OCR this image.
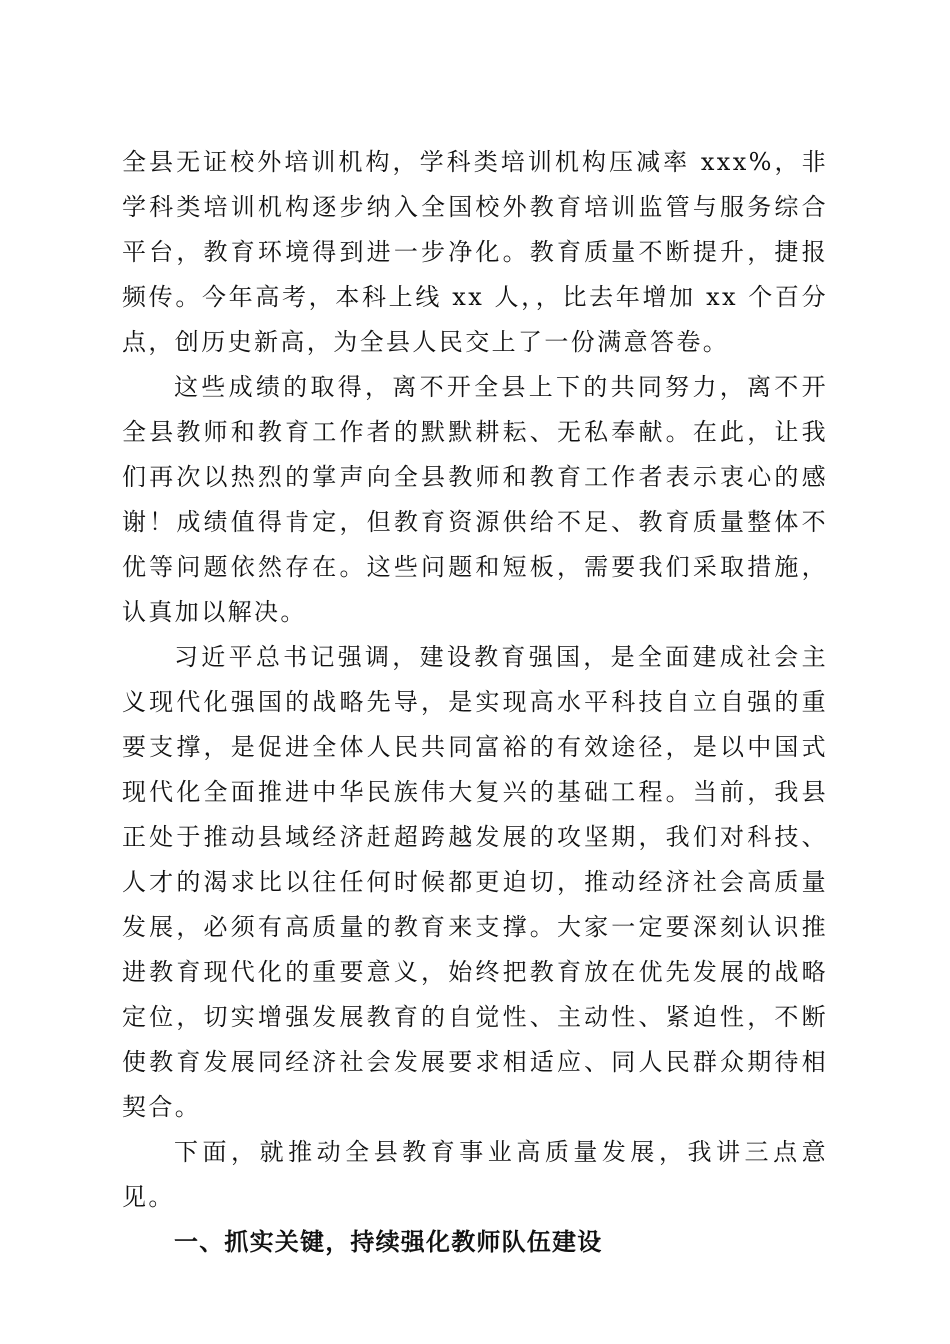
全县无证校外培训机构，学科类培训机构压减率 xxx%，非学科类培训机构逐步纳入全国校外教育培训监管与服务综合平台，教育环境得到进一步净化。教育质量不断提升，捷报频传。今年高考，本科上线 xx 人，，比去年增加 xx 个百分点，创历史新高，为全县人民交上了一份满意答卷。

这些成绩的取得，离不开全县上下的共同努力，离不开全县教师和教育工作者的默默耕耘、无私奉献。在此，让我们再次以热烈的掌声向全县教师和教育工作者表示衷心的感谢！成绩值得肯定，但教育资源供给不足、教育质量整体不优等问题依然存在。这些问题和短板，需要我们采取措施，认真加以解决。

习近平总书记强调，建设教育强国，是全面建成社会主义现代化强国的战略先导，是实现高水平科技自立自强的重要支撑，是促进全体人民共同富裕的有效途径，是以中国式现代化全面推进中华民族伟大复兴的基础工程。当前，我县正处于推动县域经济赶超跨越发展的攻坚期，我们对科技、人才的渴求比以往任何时候都更迫切，推动经济社会高质量发展，必须有高质量的教育来支撑。大家一定要深刻认识推进教育现代化的重要意义，始终把教育放在优先发展的战略定位，切实增强发展教育的自觉性、主动性、紧迫性，不断使教育发展同经济社会发展要求相适应、同人民群众期待相契合。

下面，就推动全县教育事业高质量发展，我讲三点意见。

一、抓实关键，持续强化教师队伍建设
